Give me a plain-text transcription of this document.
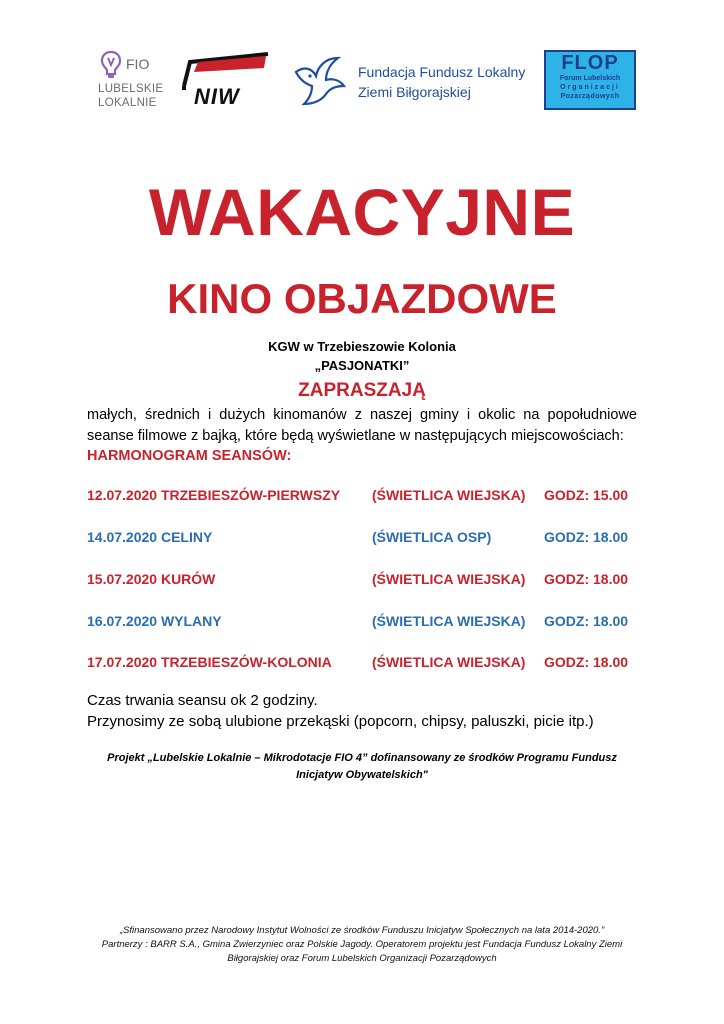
FIO
LUBELSKIE
LOKALNIE	NIW
Fundacja Fundusz Lokalny
Ziemi Biłgorajskiej
FLOP
Forum Lubelskich
Organizacji
Pozarządowych
WAKACYJNE
KINO OBJAZDOWE
KGW w Trzebieszowie Kolonia
„PASJONATKI”
ZAPRASZAJĄ
małych, średnich i dużych kinomanów z naszej gminy i okolic na popołudniowe seanse filmowe z bajką, które będą wyświetlane w następujących miejscowościach:
HARMONOGRAM SEANSÓW:
12.07.2020 TRZEBIESZÓW-PIERWSZY (ŚWIETLICA WIEJSKA) GODZ: 15.00
14.07.2020 CELINY	(ŚWIETLICA OSP)	GODZ: 18.00
15.07.2020 KURÓW	(ŚWIETLICA WIEJSKA) GODZ: 18.00
16.07.2020 WYLANY	(ŚWIETLICA WIEJSKA) GODZ: 18.00
17.07.2020 TRZEBIESZÓW-KOLONIA	(ŚWIETLICA WIEJSKA) GODZ: 18.00
Czas trwania seansu ok 2 godziny.
Przynosimy ze sobą ulubione przekąski (popcorn, chipsy, paluszki, picie itp.)
Projekt „Lubelskie Lokalnie – Mikrodotacje FIO 4” dofinansowany ze środków Programu Fundusz
Inicjatyw Obywatelskich"
„Sfinansowano przez Narodowy Instytut Wolności ze środków Funduszu Inicjatyw Społecznych na lata 2014-2020.”
Partnerzy : BARR S.A., Gmina Zwierzyniec oraz Polskie Jagody. Operatorem projektu jest Fundacja Fundusz Lokalny Ziemi
Biłgorajskiej oraz Forum Lubelskich Organizacji Pozarządowych
